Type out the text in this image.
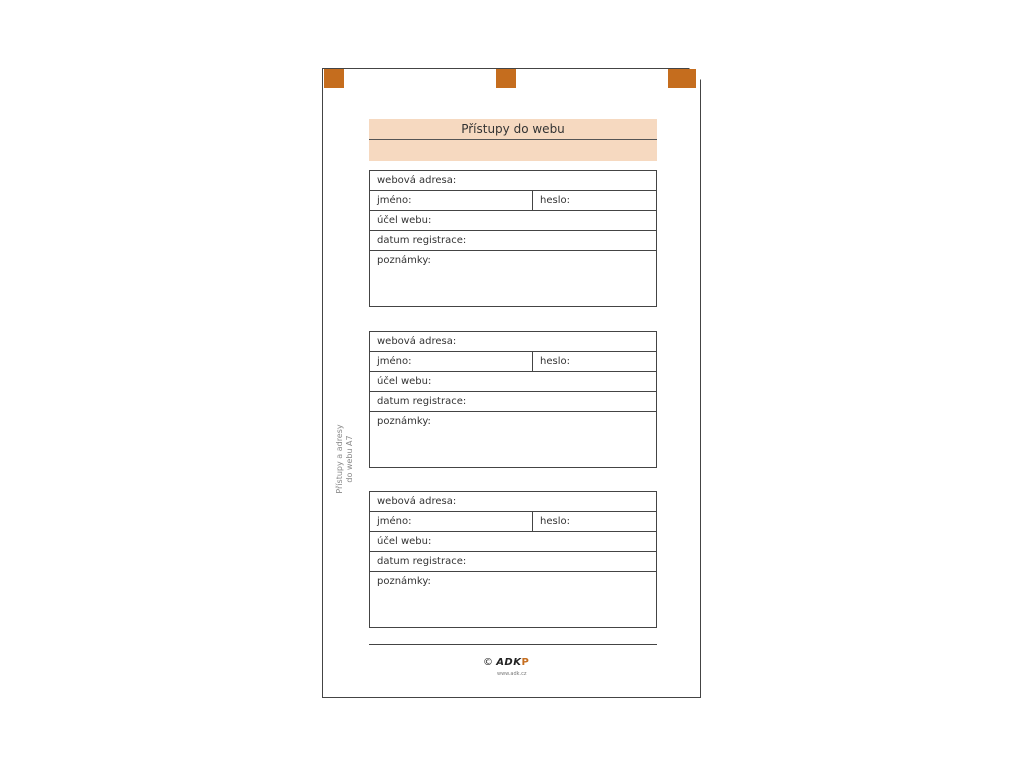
Přístupy do webu
Přístupy a adresy do webu A7
webová adresa:
jméno:	heslo:
účel webu:
datum registrace:
poznámky:
webová adresa:
jméno:	heslo:
účel webu:
datum registrace:
poznámky:
webová adresa:
jméno:	heslo:
účel webu:
datum registrace:
poznámky:
© ADKP
www.adk.cz
